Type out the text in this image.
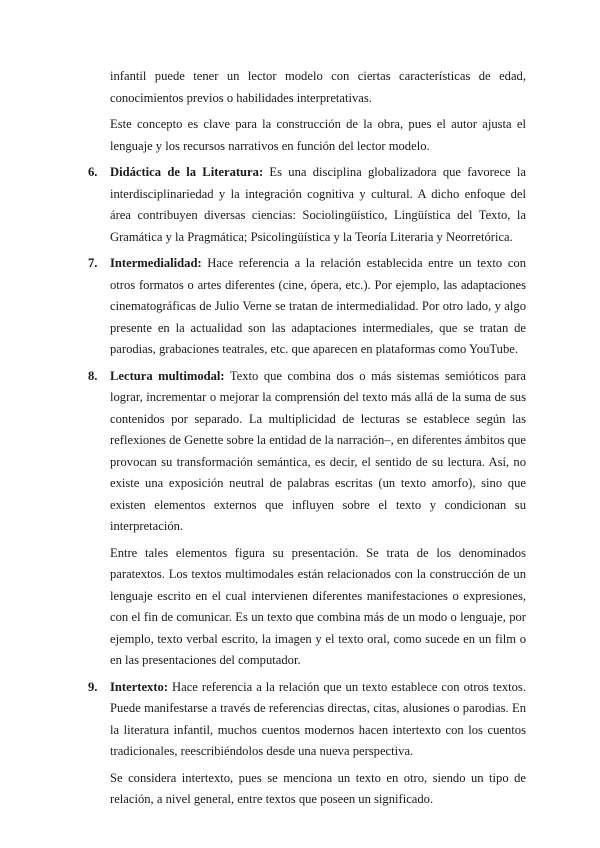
infantil puede tener un lector modelo con ciertas características de edad, conocimientos previos o habilidades interpretativas.

Este concepto es clave para la construcción de la obra, pues el autor ajusta el lenguaje y los recursos narrativos en función del lector modelo.

6. Didáctica de la Literatura: Es una disciplina globalizadora que favorece la interdisciplinariedad y la integración cognitiva y cultural. A dicho enfoque del área contribuyen diversas ciencias: Sociolingüístico, Lingüística del Texto, la Gramática y la Pragmática; Psicolingüística y la Teoría Literaria y Neorretórica.

7. Intermedialidad: Hace referencia a la relación establecida entre un texto con otros formatos o artes diferentes (cine, ópera, etc.). Por ejemplo, las adaptaciones cinematográficas de Julio Verne se tratan de intermedialidad. Por otro lado, y algo presente en la actualidad son las adaptaciones intermediales, que se tratan de parodias, grabaciones teatrales, etc. que aparecen en plataformas como YouTube.

8. Lectura multimodal: Texto que combina dos o más sistemas semióticos para lograr, incrementar o mejorar la comprensión del texto más allá de la suma de sus contenidos por separado. La multiplicidad de lecturas se establece según las reflexiones de Genette sobre la entidad de la narración–, en diferentes ámbitos que provocan su transformación semántica, es decir, el sentido de su lectura. Así, no existe una exposición neutral de palabras escritas (un texto amorfo), sino que existen elementos externos que influyen sobre el texto y condicionan su interpretación.

Entre tales elementos figura su presentación. Se trata de los denominados paratextos. Los textos multimodales están relacionados con la construcción de un lenguaje escrito en el cual intervienen diferentes manifestaciones o expresiones, con el fin de comunicar. Es un texto que combina más de un modo o lenguaje, por ejemplo, texto verbal escrito, la imagen y el texto oral, como sucede en un film o en las presentaciones del computador.

9. Intertexto: Hace referencia a la relación que un texto establece con otros textos. Puede manifestarse a través de referencias directas, citas, alusiones o parodias. En la literatura infantil, muchos cuentos modernos hacen intertexto con los cuentos tradicionales, reescribiéndolos desde una nueva perspectiva.

Se considera intertexto, pues se menciona un texto en otro, siendo un tipo de relación, a nivel general, entre textos que poseen un significado.
